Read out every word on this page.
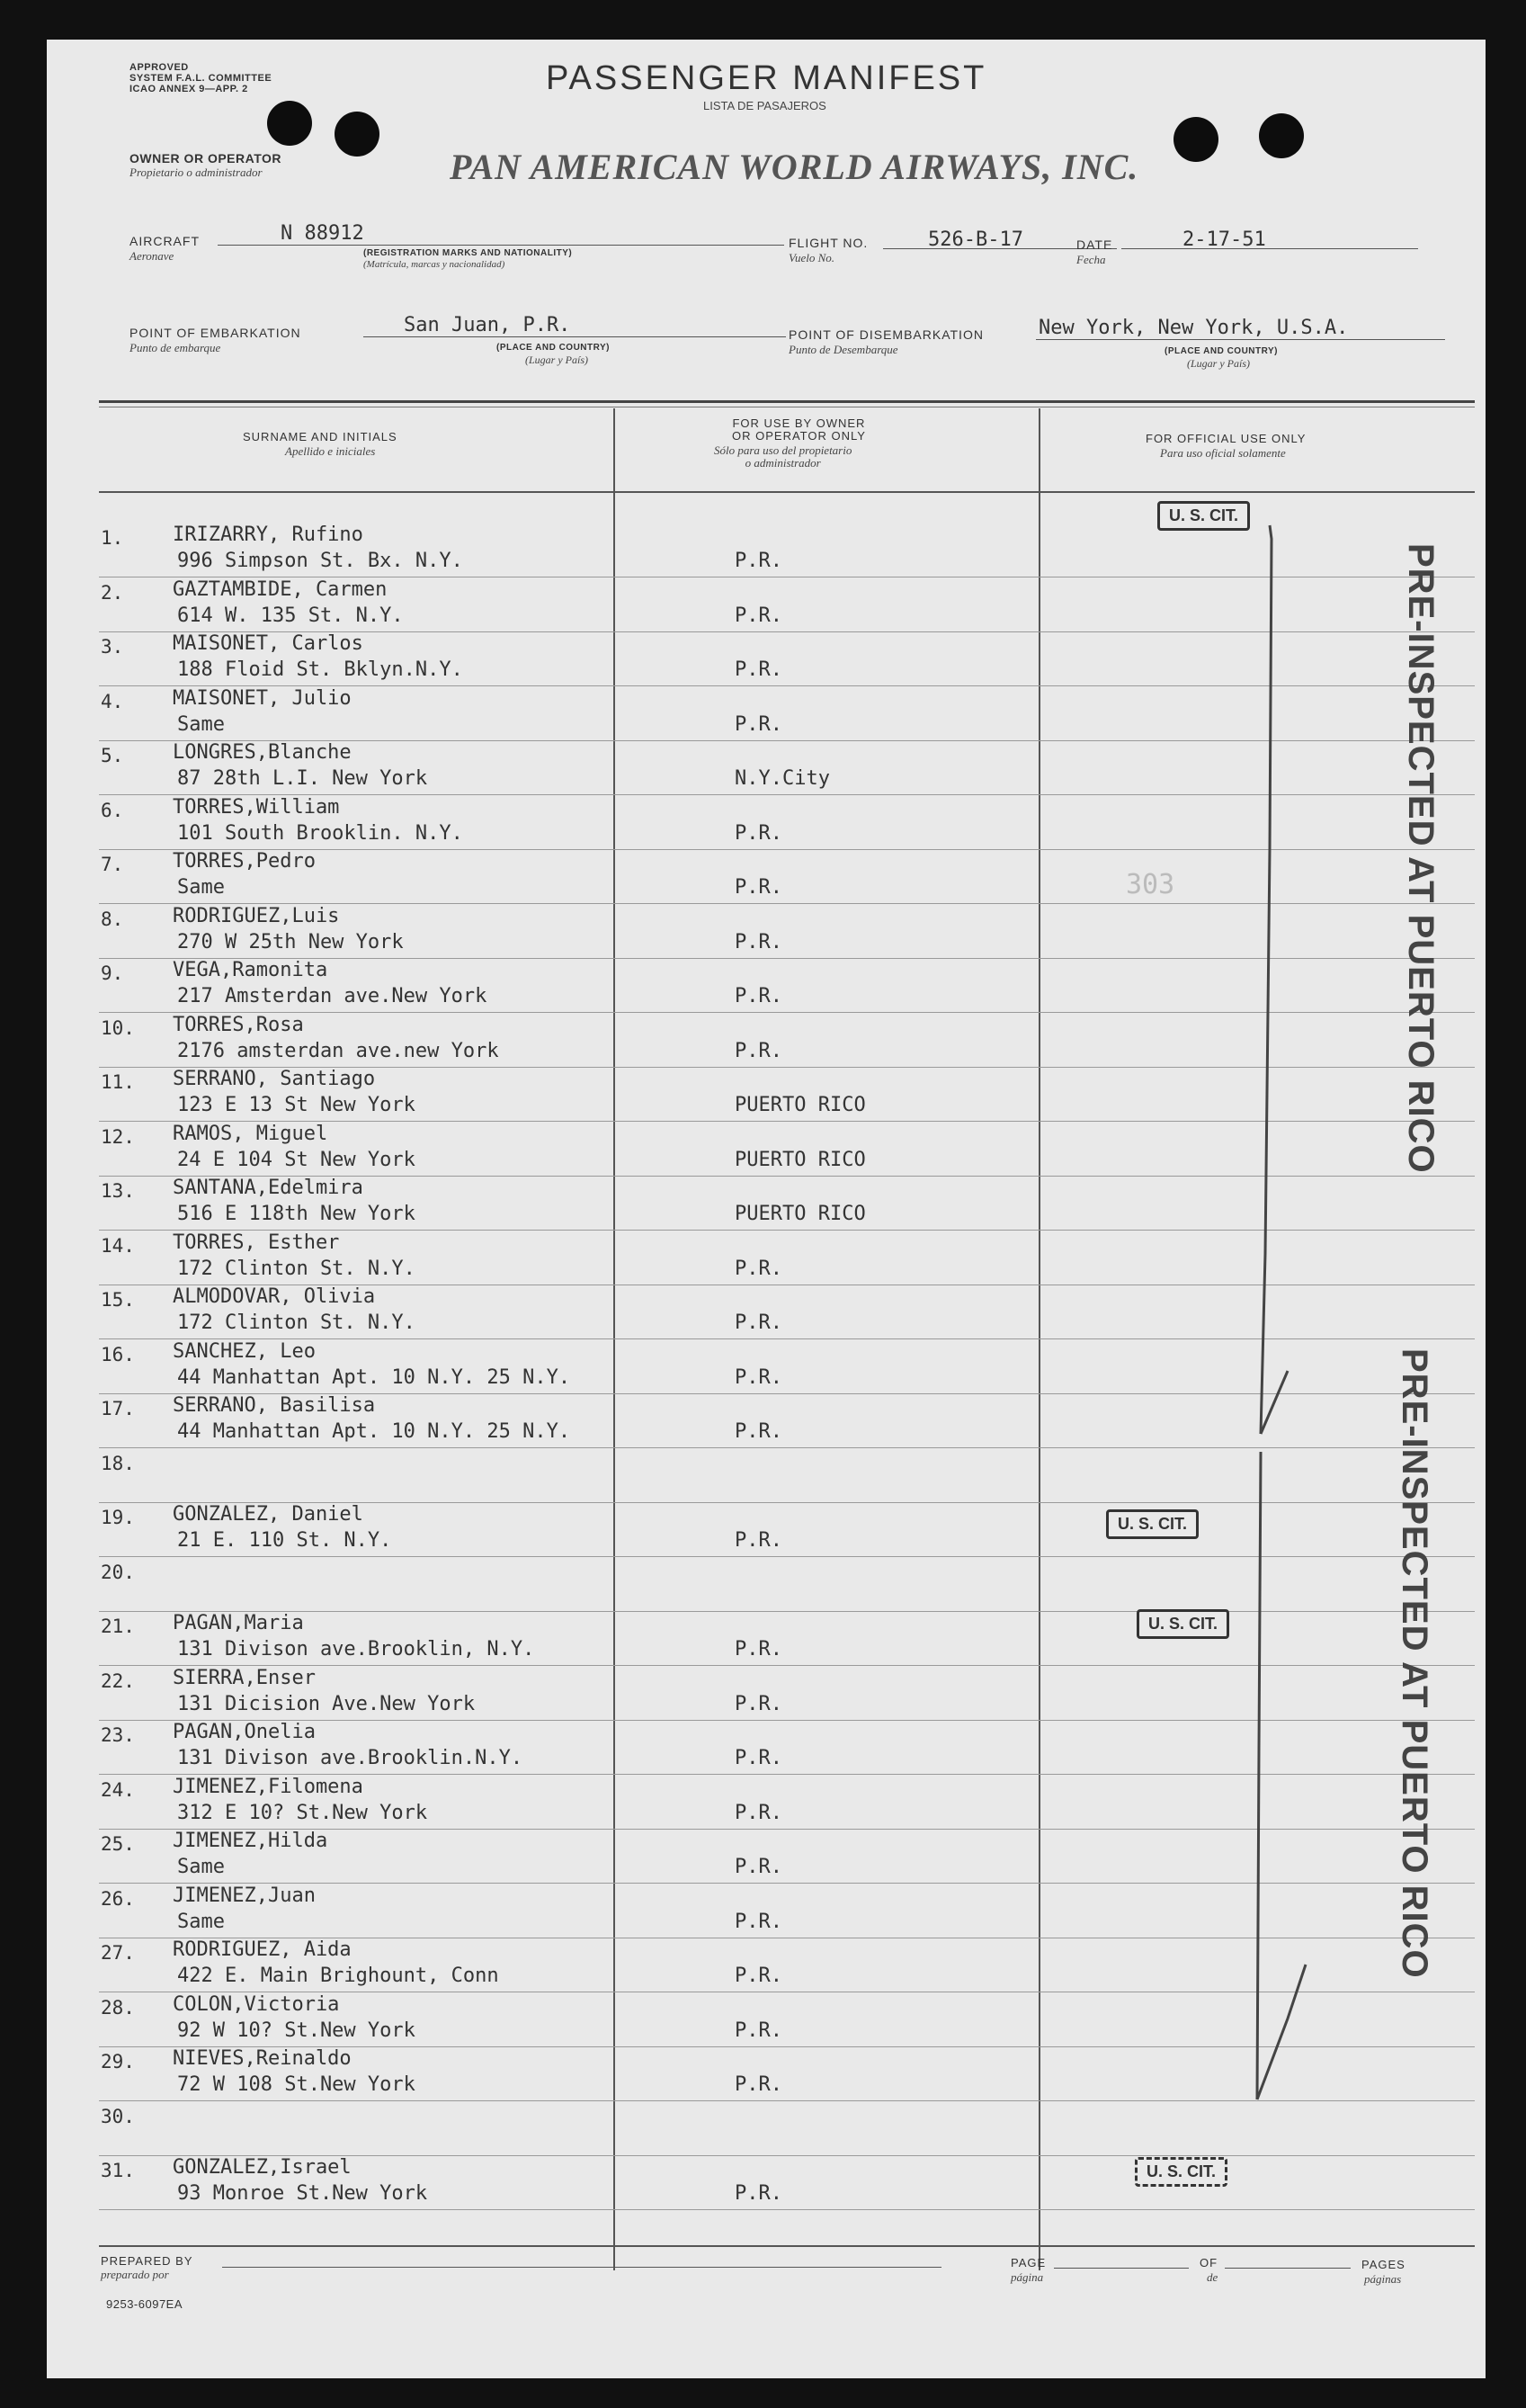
APPROVED
SYSTEM F.A.L. COMMITTEE
ICAO ANNEX 9—APP. 2	PASSENGER MANIFEST
LISTA DE PASAJEROS
OWNER OR OPERATOR
Propietario o administrador	PAN AMERICAN WORLD AIRWAYS, INC.
AIRCRAFT
Aeronave
N 88912
(REGISTRATION MARKS AND NATIONALITY)
(Matrícula, marcas y nacionalidad)
FLIGHT NO.
Vuelo No.
526-B-17	DATE
Fecha
2-17-51
POINT OF EMBARKATION
Punto de embarque
San Juan, P.R.
(PLACE AND COUNTRY)
(Lugar y País)
POINT OF DISEMBARKATION
Punto de Desembarque
New York, New York, U.S.A.
(PLACE AND COUNTRY)
(Lugar y País)
SURNAME AND INITIALS
Apellido e iniciales
FOR USE BY OWNER
OR OPERATOR ONLY
Sólo para uso del propietario
o administrador
FOR OFFICIAL USE ONLY
Para uso oficial solamente
1. IRIZARRY, Rufino
996 Simpson St. Bx. N.Y.	P.R.
2. GAZTAMBIDE, Carmen
614 W. 135 St. N.Y.	P.R.
3. MAISONET, Carlos
188 Floid St. Bklyn.N.Y.	P.R.
4. MAISONET, Julio
Same	P.R.
5. LONGRES,Blanche
87 28th L.I. New York	N.Y.City
6. TORRES,William
101 South Brooklin. N.Y.	P.R.
7. TORRES,Pedro
Same	P.R.
8. RODRIGUEZ,Luis
270 W 25th New York	P.R.
9. VEGA,Ramonita
217 Amsterdan ave.New York	P.R.
10. TORRES,Rosa
2176 amsterdan ave.new York	P.R.
11. SERRANO, Santiago
123 E 13 St New York	PUERTO RICO
12. RAMOS, Miguel
24 E 104 St New York	PUERTO RICO
13. SANTANA,Edelmira
516 E 118th New York	PUERTO RICO
14. TORRES, Esther
172 Clinton St. N.Y.	P.R.
15. ALMODOVAR, Olivia
172 Clinton St. N.Y.	P.R.
16. SANCHEZ, Leo
44 Manhattan Apt. 10 N.Y. 25 N.Y.	P.R.
17. SERRANO, Basilisa
44 Manhattan Apt. 10 N.Y. 25 N.Y.	P.R.
18.
19. GONZALEZ, Daniel
21 E. 110 St. N.Y.	P.R.
20.
21. PAGAN,Maria
131 Divison ave.Brooklin, N.Y.	P.R.
22. SIERRA,Enser
131 Dicision Ave.New York	P.R.
23. PAGAN,Onelia
131 Divison ave.Brooklin.N.Y.	P.R.
24. JIMENEZ,Filomena
312 E 10? St.New York	P.R.
25. JIMENEZ,Hilda
Same	P.R.
26. JIMENEZ,Juan
Same	P.R.
27. RODRIGUEZ, Aida
422 E. Main Brighount, Conn	P.R.
28. COLON,Victoria
92 W 10? St.New York	P.R.
29. NIEVES,Reinaldo
72 W 108 St.New York	P.R.
30.
31. GONZALEZ,Israel
93 Monroe St.New York	P.R.
U. S. CIT.
U. S. CIT.
U. S. CIT.
U. S. CIT.
PRE-INSPECTED AT PUERTO RICO
PRE-INSPECTED AT PUERTO RICO
303
PREPARED BY
preparado por
PAGE
página
OF
de
PAGES
páginas
9253-6097EA
